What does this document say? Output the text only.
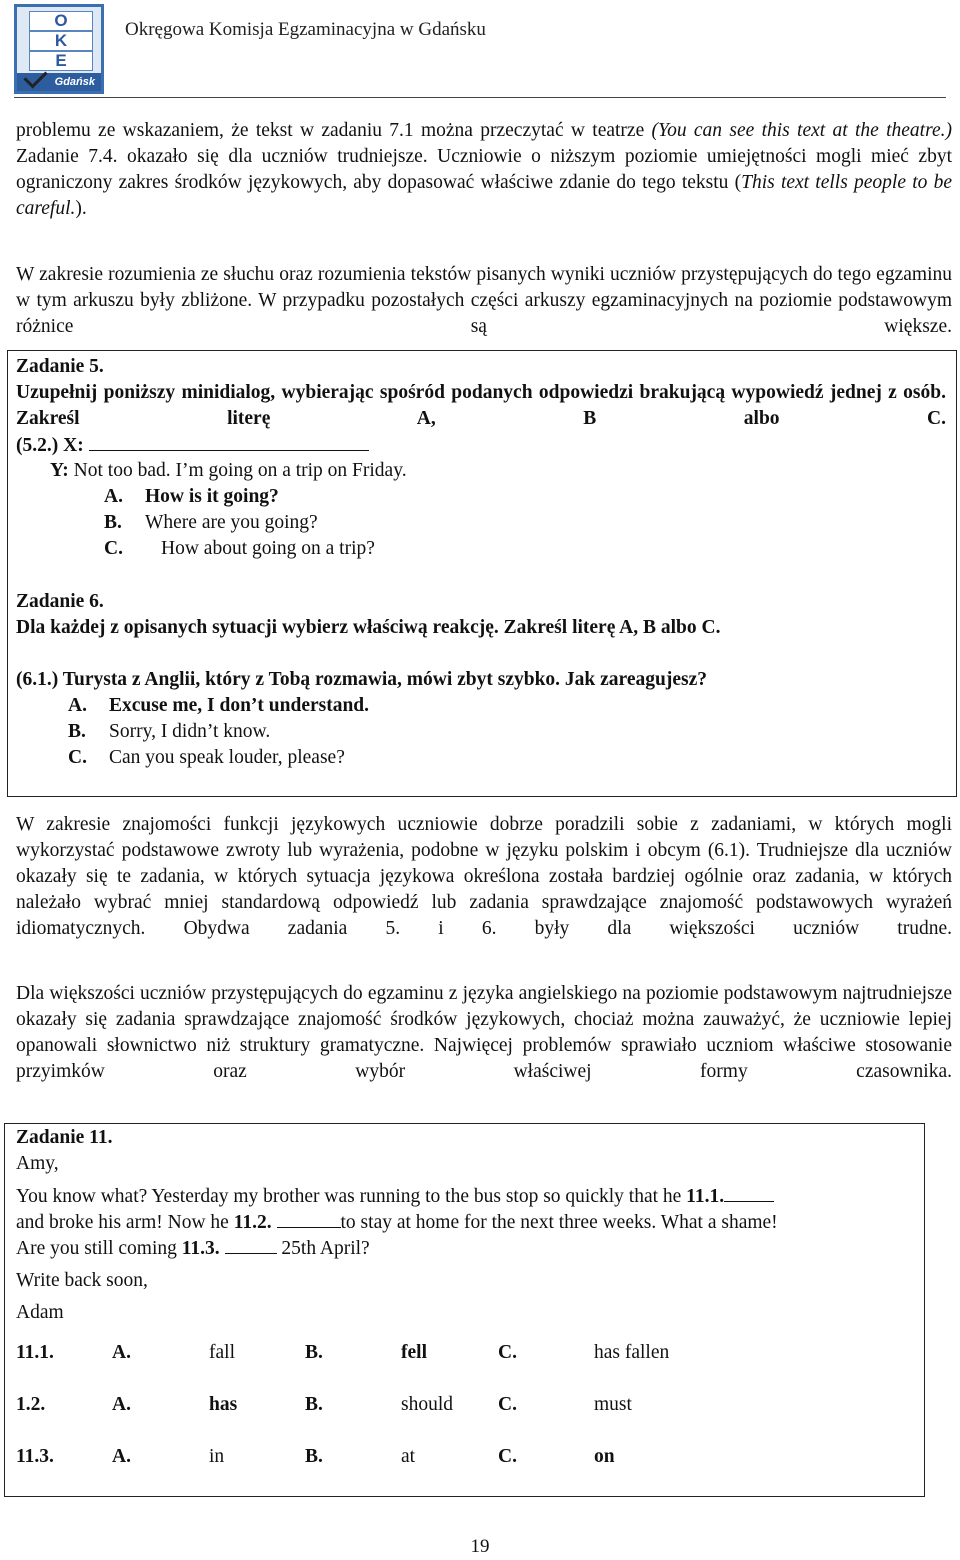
O
K
E
Gdańsk
Okręgowa Komisja Egzaminacyjna w Gdańsku
problemu ze wskazaniem, że tekst w zadaniu 7.1 można przeczytać w teatrze (You can see this text at the theatre.) Zadanie 7.4. okazało się dla uczniów trudniejsze. Uczniowie o niższym poziomie umiejętności mogli mieć zbyt ograniczony zakres środków językowych, aby dopasować właściwe zdanie do tego tekstu (This text tells people to be careful.).
W zakresie rozumienia ze słuchu oraz rozumienia tekstów pisanych wyniki uczniów przystępujących do tego egzaminu w tym arkuszu były zbliżone. W przypadku pozostałych części arkuszy egzaminacyjnych na poziomie podstawowym różnice są większe.
Zadanie 5.
Uzupełnij poniższy minidialog, wybierając spośród podanych odpowiedzi brakującą wypowiedź jednej z osób. Zakreśl literę A, B albo C.
(5.2.) X:
Y: Not too bad. I’m going on a trip on Friday.
A. How is it going?
B. Where are you going?
C. How about going on a trip?
Zadanie 6.
Dla każdej z opisanych sytuacji wybierz właściwą reakcję. Zakreśl literę A, B albo C.
(6.1.) Turysta z Anglii, który z Tobą rozmawia, mówi zbyt szybko. Jak zareagujesz?
A. Excuse me, I don’t understand.
B. Sorry, I didn’t know.
C. Can you speak louder, please?
W zakresie znajomości funkcji językowych uczniowie dobrze poradzili sobie z zadaniami, w których mogli wykorzystać podstawowe zwroty lub wyrażenia, podobne w języku polskim i obcym (6.1). Trudniejsze dla uczniów okazały się te zadania, w których sytuacja językowa określona została bardziej ogólnie oraz zadania, w których należało wybrać mniej standardową odpowiedź lub zadania sprawdzające znajomość podstawowych wyrażeń idiomatycznych. Obydwa zadania 5. i 6. były dla większości uczniów trudne.
Dla większości uczniów przystępujących do egzaminu z języka angielskiego na poziomie podstawowym najtrudniejsze okazały się zadania sprawdzające znajomość środków językowych, chociaż można zauważyć, że uczniowie lepiej opanowali słownictwo niż struktury gramatyczne. Najwięcej problemów sprawiało uczniom właściwe stosowanie przyimków oraz wybór właściwej formy czasownika.
Zadanie 11.
Amy,
You know what? Yesterday my brother was running to the bus stop so quickly that he 11.1.
and broke his arm! Now he 11.2.	to stay at home for the next three weeks. What a shame!
Are you still coming 11.3.	25th April?
Write back soon,
Adam
11.1.	A.	fall	B.	fell	C.	has fallen
1.2.	A.	has	B.	should C.	must
11.3.	A.	in	B.	at	C.	on
19
